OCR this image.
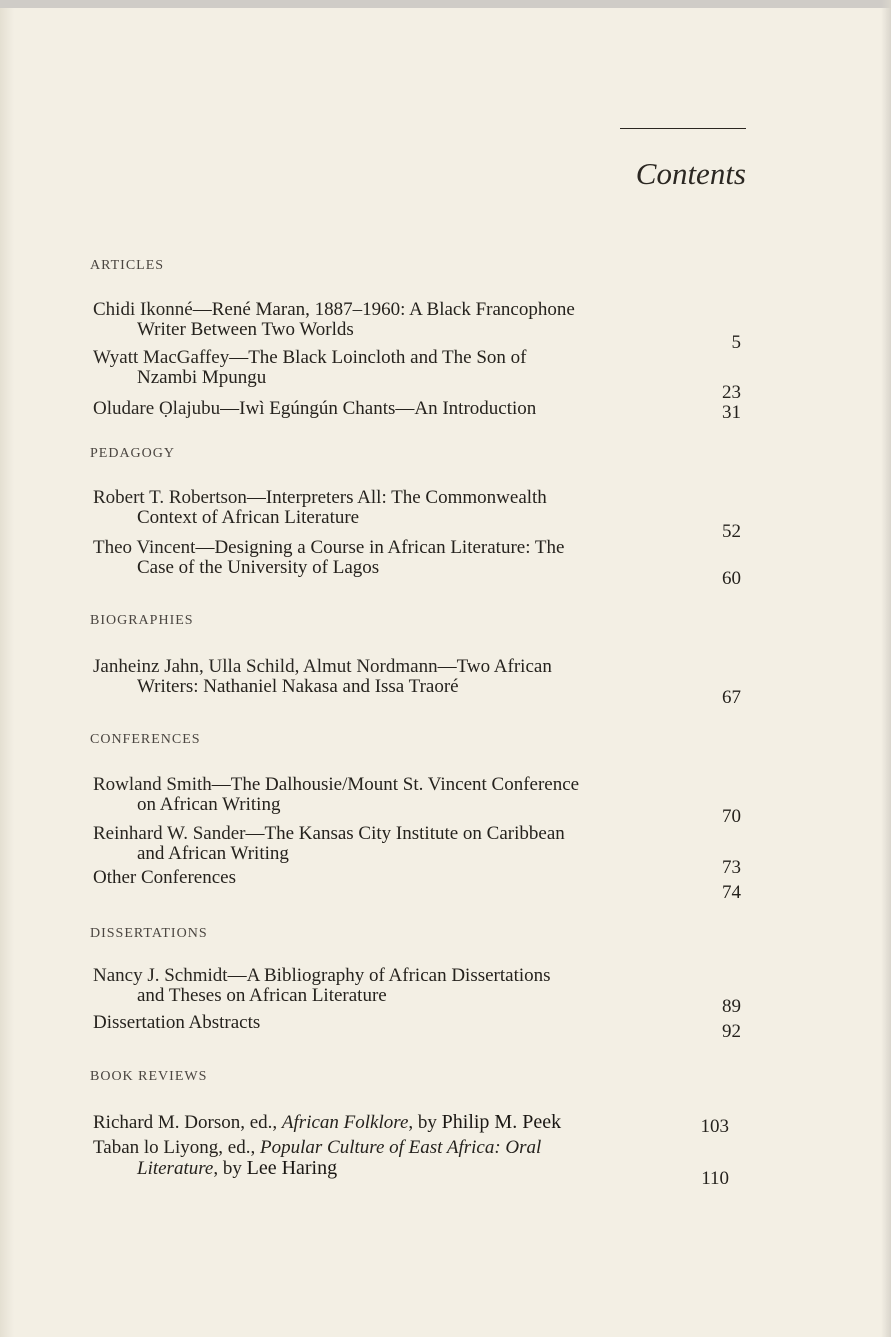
Contents
ARTICLES
Chidi Ikonné—René Maran, 1887–1960: A Black Francophone
Writer Between Two Worlds
5
Wyatt MacGaffey—The Black Loincloth and The Son of
Nzambi Mpungu
23
Oludare Ọlajubu—Iwì Egúngún Chants—An Introduction	31
PEDAGOGY
Robert T. Robertson—Interpreters All: The Commonwealth
Context of African Literature
52
Theo Vincent—Designing a Course in African Literature: The
Case of the University of Lagos
60
BIOGRAPHIES
Janheinz Jahn, Ulla Schild, Almut Nordmann—Two African
Writers: Nathaniel Nakasa and Issa Traoré
67
CONFERENCES
Rowland Smith—The Dalhousie/Mount St. Vincent Conference
on African Writing
70
Reinhard W. Sander—The Kansas City Institute on Caribbean
and African Writing
73
Other Conferences
74
DISSERTATIONS
Nancy J. Schmidt—A Bibliography of African Dissertations
and Theses on African Literature
89
Dissertation Abstracts	92
BOOK REVIEWS
Richard M. Dorson, ed., African Folklore, by Philip M. Peek	103
Taban lo Liyong, ed., Popular Culture of East Africa: Oral
Literature, by Lee Haring	110
